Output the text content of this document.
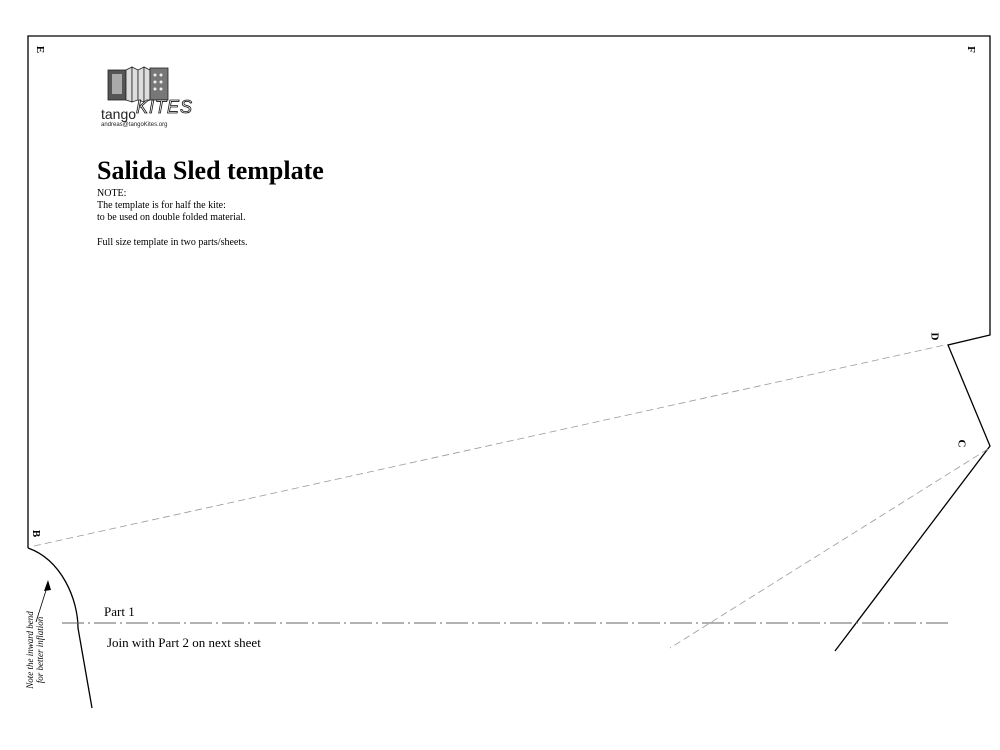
E	F
D
C
B
tango KITES
andreas@tangoKites.org
Salida Sled template
NOTE:
The template is for half the kite:
to be used on double folded material.
Full size template in two parts/sheets.
Part 1
Join with Part 2 on next sheet
Note the inward bend for better inflation
